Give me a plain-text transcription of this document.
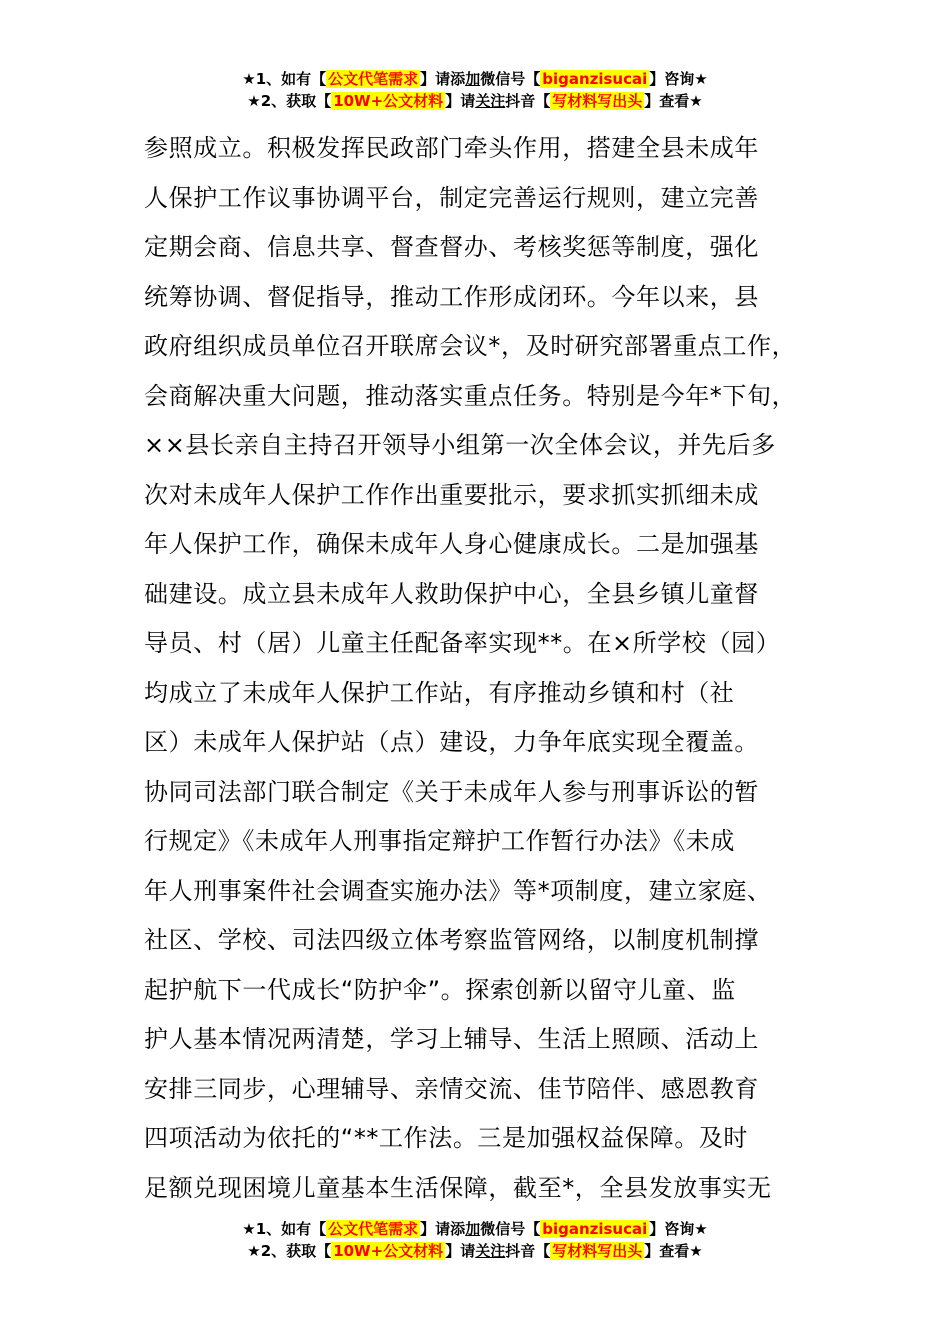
★1、如有【 公文代笔需求 】请添加微信号【 biganzisucai 】咨询★
★2、获取【 10W+公文材料 】请关注抖音【 写材料写出头 】查看★
参照成立。积极发挥民政部门牵头作用，搭建全县未成年
人保护工作议事协调平台，制定完善运行规则，建立完善
定期会商、信息共享、督查督办、考核奖惩等制度，强化
统筹协调、督促指导，推动工作形成闭环。今年以来，县
政府组织成员单位召开联席会议*，及时研究部署重点工作，
会商解决重大问题，推动落实重点任务。特别是今年*下旬，
××县长亲自主持召开领导小组第一次全体会议，并先后多
次对未成年人保护工作作出重要批示，要求抓实抓细未成
年人保护工作，确保未成年人身心健康成长。二是加强基
础建设。成立县未成年人救助保护中心，全县乡镇儿童督
导员、村（居）儿童主任配备率实现**。在×所学校（园）
均成立了未成年人保护工作站，有序推动乡镇和村（社
区）未成年人保护站（点）建设，力争年底实现全覆盖。
协同司法部门联合制定《关于未成年人参与刑事诉讼的暂
行规定》《未成年人刑事指定辩护工作暂行办法》《未成
年人刑事案件社会调查实施办法》等*项制度，建立家庭、
社区、学校、司法四级立体考察监管网络，以制度机制撑
起护航下一代成长“防护伞”。探索创新以留守儿童、监
护人基本情况两清楚，学习上辅导、生活上照顾、活动上
安排三同步，心理辅导、亲情交流、佳节陪伴、感恩教育
四项活动为依托的“**工作法。三是加强权益保障。及时
足额兑现困境儿童基本生活保障，截至*，全县发放事实无
★1、如有【 公文代笔需求 】请添加微信号【 biganzisucai 】咨询★
★2、获取【 10W+公文材料 】请关注抖音【 写材料写出头 】查看★
